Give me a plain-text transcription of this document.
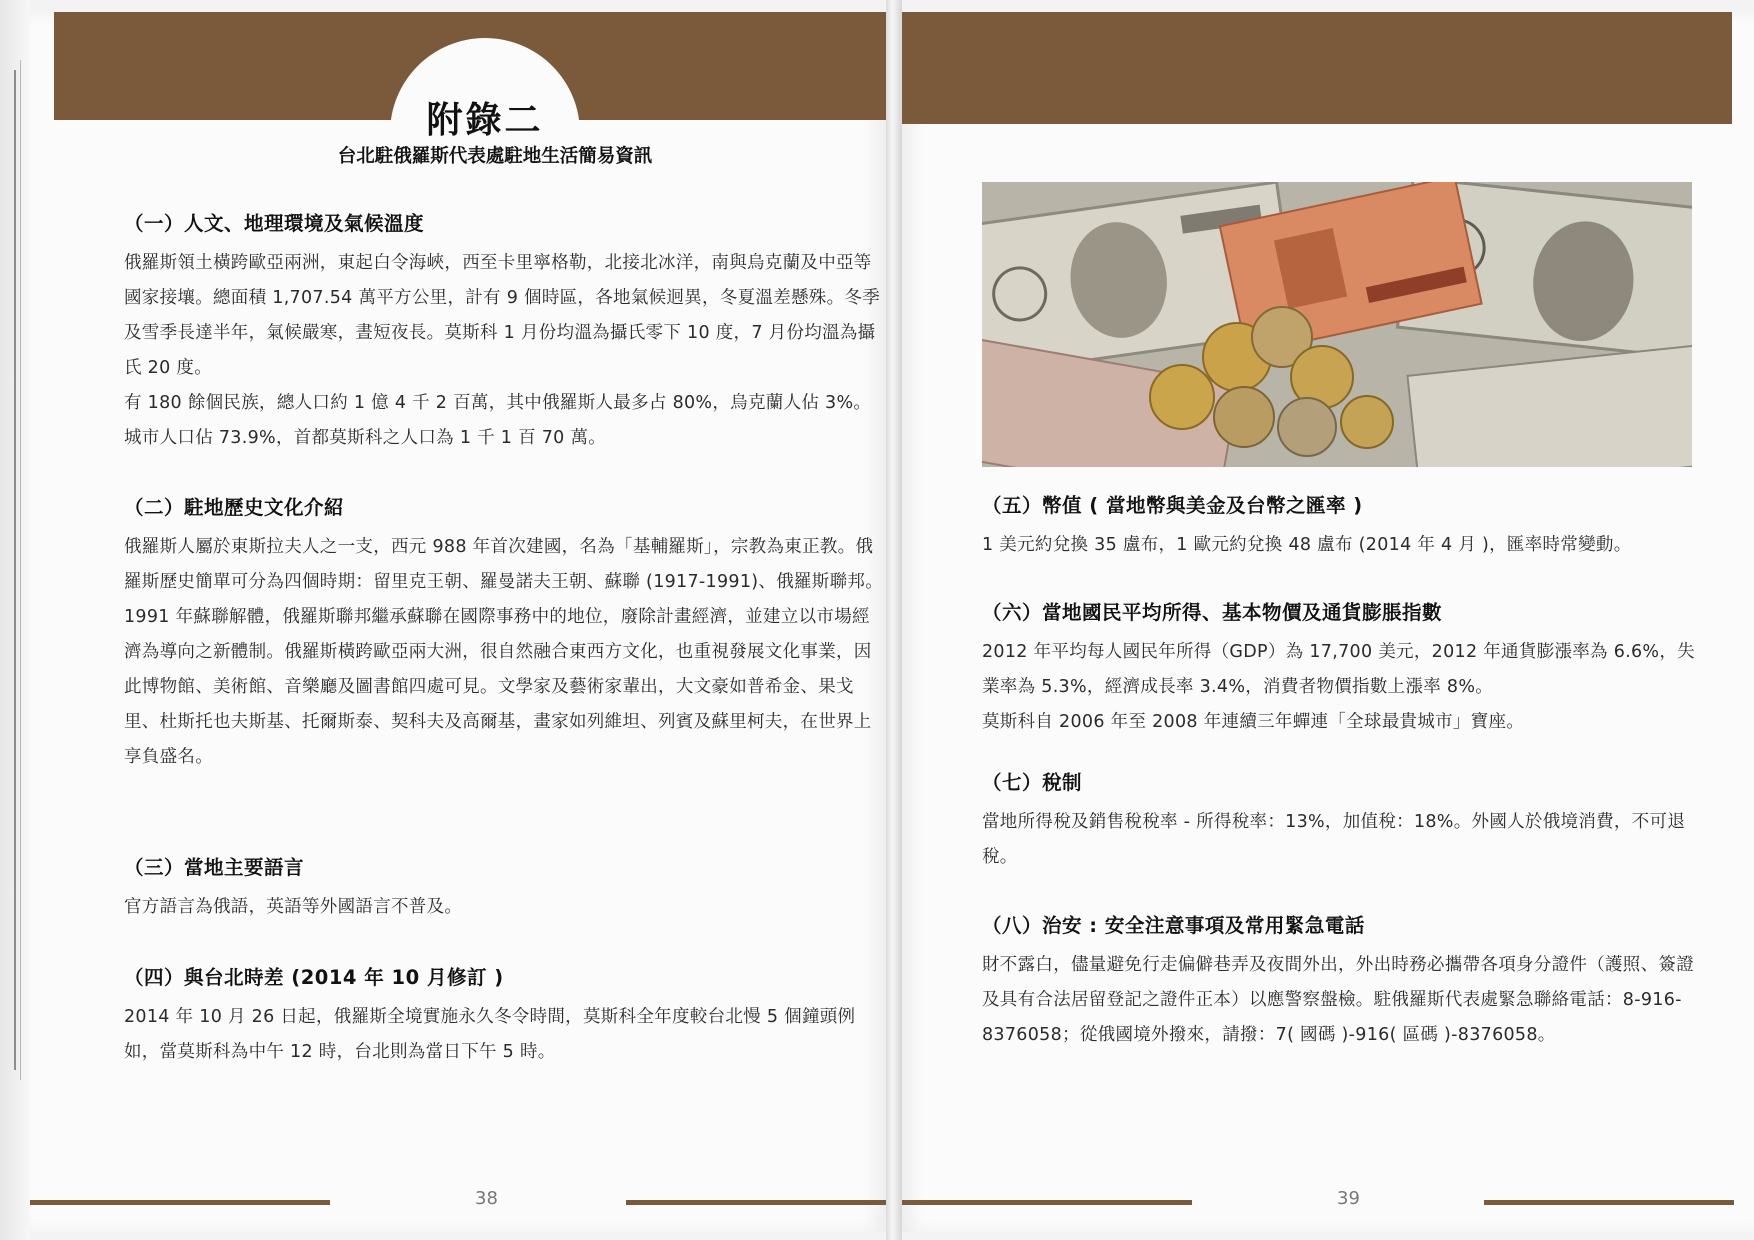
附錄二
台北駐俄羅斯代表處駐地生活簡易資訊

（一）人文、地理環境及氣候溫度

俄羅斯領土橫跨歐亞兩洲，東起白令海峽，西至卡里寧格勒，北接北冰洋，南與烏克蘭及中亞等國家接壤。總面積 1,707.54 萬平方公里，計有 9 個時區，各地氣候迥異，冬夏溫差懸殊。冬季及雪季長達半年，氣候嚴寒，晝短夜長。莫斯科 1 月份均溫為攝氏零下 10 度，7 月份均溫為攝氏 20 度。

有 180 餘個民族，總人口約 1 億 4 千 2 百萬，其中俄羅斯人最多占 80%，烏克蘭人佔 3%。城市人口佔 73.9%，首都莫斯科之人口為 1 千 1 百 70 萬。

（二）駐地歷史文化介紹

俄羅斯人屬於東斯拉夫人之一支，西元 988 年首次建國，名為「基輔羅斯」，宗教為東正教。俄羅斯歷史簡單可分為四個時期：留里克王朝、羅曼諾夫王朝、蘇聯 (1917-1991)、俄羅斯聯邦。1991 年蘇聯解體，俄羅斯聯邦繼承蘇聯在國際事務中的地位，廢除計畫經濟，並建立以市場經濟為導向之新體制。俄羅斯橫跨歐亞兩大洲，很自然融合東西方文化，也重視發展文化事業，因此博物館、美術館、音樂廳及圖書館四處可見。文學家及藝術家輩出，大文豪如普希金、果戈里、杜斯托也夫斯基、托爾斯泰、契科夫及高爾基，畫家如列維坦、列賓及蘇里柯夫，在世界上享負盛名。

（三）當地主要語言

官方語言為俄語，英語等外國語言不普及。

（四）與台北時差 (2014 年 10 月修訂 )

2014 年 10 月 26 日起，俄羅斯全境實施永久冬令時間，莫斯科全年度較台北慢 5 個鐘頭例如，當莫斯科為中午 12 時，台北則為當日下午 5 時。

38

（五）幣值 ( 當地幣與美金及台幣之匯率 )

1 美元約兌換 35 盧布，1 歐元約兌換 48 盧布 (2014 年 4 月 )，匯率時常變動。

（六）當地國民平均所得、基本物價及通貨膨脹指數

2012 年平均每人國民年所得（GDP）為 17,700 美元，2012 年通貨膨漲率為 6.6%，失業率為 5.3%，經濟成長率 3.4%，消費者物價指數上漲率 8%。

莫斯科自 2006 年至 2008 年連續三年蟬連「全球最貴城市」寶座。

（七）稅制

當地所得稅及銷售稅稅率 - 所得稅率：13%，加值稅：18%。外國人於俄境消費，不可退稅。

（八）治安 : 安全注意事項及常用緊急電話

財不露白，儘量避免行走偏僻巷弄及夜間外出，外出時務必攜帶各項身分證件（護照、簽證及具有合法居留登記之證件正本）以應警察盤檢。駐俄羅斯代表處緊急聯絡電話：8-916-8376058；從俄國境外撥來，請撥：7( 國碼 )-916( 區碼 )-8376058。

39
